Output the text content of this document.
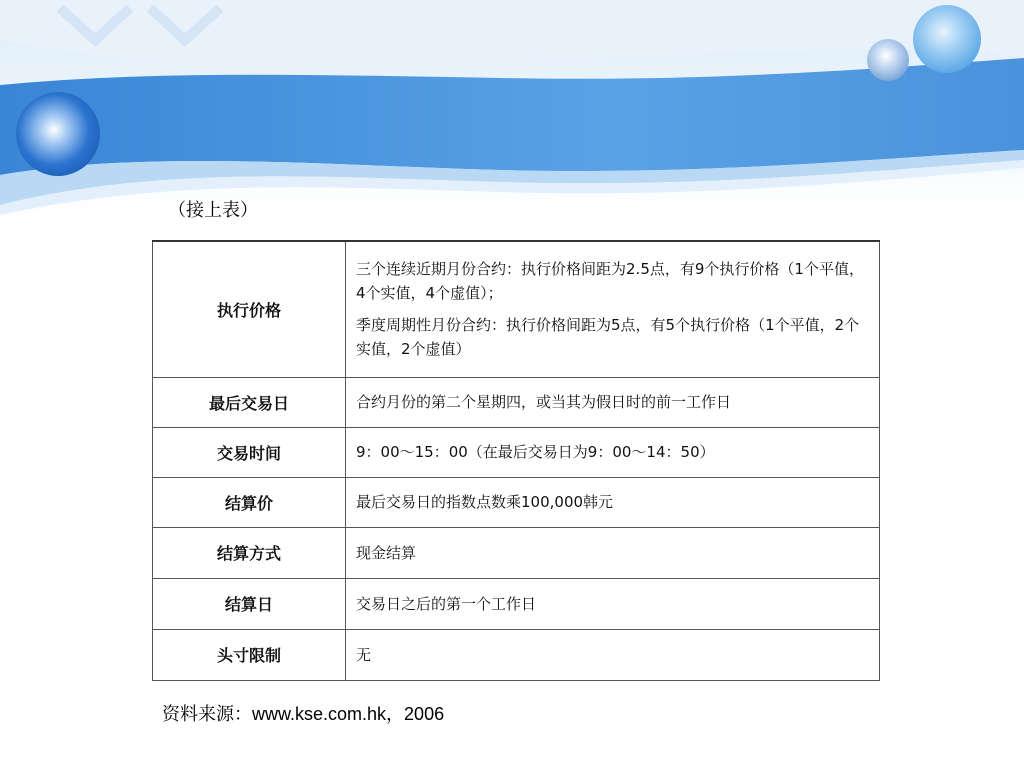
（接上表）
执行价格	三个连续近期月份合约：执行价格间距为2.5点，有9个执行价格（1个平值，4个实值，4个虚值）；
季度周期性月份合约：执行价格间距为5点，有5个执行价格（1个平值，2个实值，2个虚值）

最后交易日	合约月份的第二个星期四，或当其为假日时的前一工作日
交易时间	9：00～15：00（在最后交易日为9：00～14：50）
结算价	最后交易日的指数点数乘100,000韩元
结算方式	现金结算
结算日	交易日之后的第一个工作日
头寸限制	无
资料来源：www.kse.com.hk，2006
